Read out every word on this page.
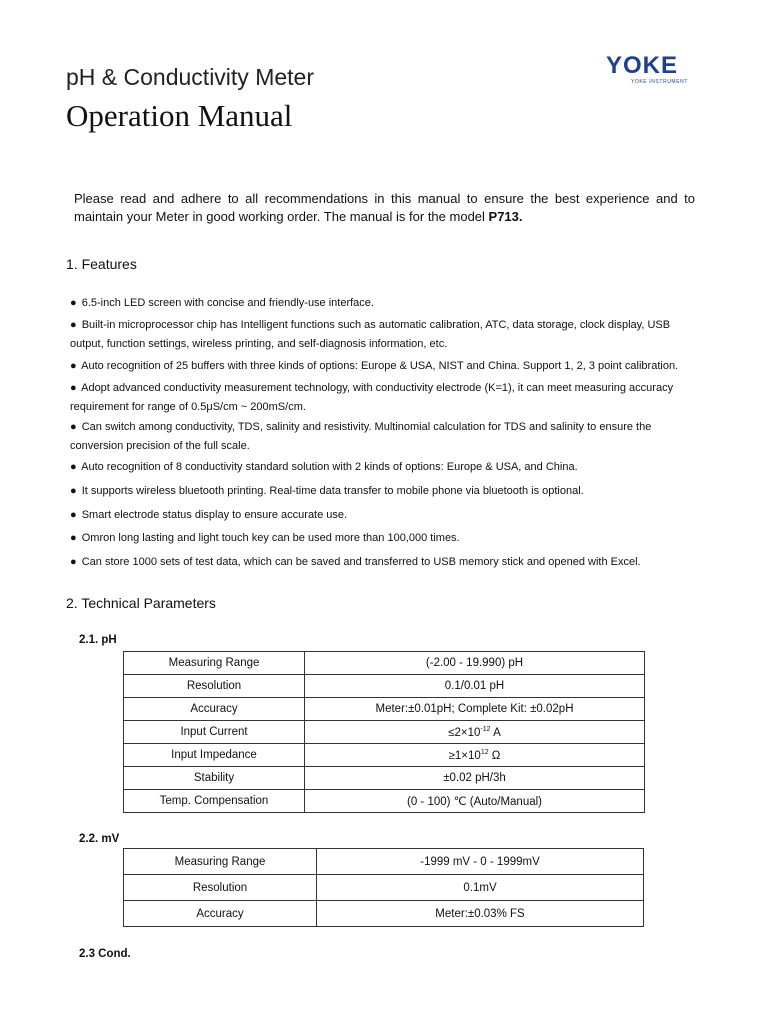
pH & Conductivity Meter
Operation Manual
YOKE
YOKE INSTRUMENT
Please read and adhere to all recommendations in this manual to ensure the best experience and to maintain your Meter in good working order. The manual is for the model P713.
1. Features
● 6.5-inch LED screen with concise and friendly-use interface.
● Built-in microprocessor chip has Intelligent functions such as automatic calibration, ATC, data storage, clock display, USB output, function settings, wireless printing, and self-diagnosis information, etc.
● Auto recognition of 25 buffers with three kinds of options: Europe & USA, NIST and China. Support 1, 2, 3 point calibration.
● Adopt advanced conductivity measurement technology, with conductivity electrode (K=1), it can meet measuring accuracy requirement for range of 0.5μS/cm ~ 200mS/cm.
● Can switch among conductivity, TDS, salinity and resistivity. Multinomial calculation for TDS and salinity to ensure the conversion precision of the full scale.
● Auto recognition of 8 conductivity standard solution with 2 kinds of options: Europe & USA, and China.
● It supports wireless bluetooth printing. Real-time data transfer to mobile phone via bluetooth is optional.
● Smart electrode status display to ensure accurate use.
● Omron long lasting and light touch key can be used more than 100,000 times.
● Can store 1000 sets of test data, which can be saved and transferred to USB memory stick and opened with Excel.
2. Technical Parameters
2.1. pH
Measuring Range	(-2.00 - 19.990) pH
Resolution	0.1/0.01 pH
Accuracy	Meter:±0.01pH; Complete Kit: ±0.02pH
Input Current	$\le 2\times 10^{-12}$ A
Input Impedance	$\ge 1\times 10^{12}$ Ω
Stability	±0.02 pH/3h
Temp. Compensation	(0 - 100) ℃ (Auto/Manual)
2.2. mV
Measuring Range	-1999 mV - 0 - 1999mV
Resolution	0.1mV
Accuracy	Meter:±0.03% FS
2.3 Cond.
